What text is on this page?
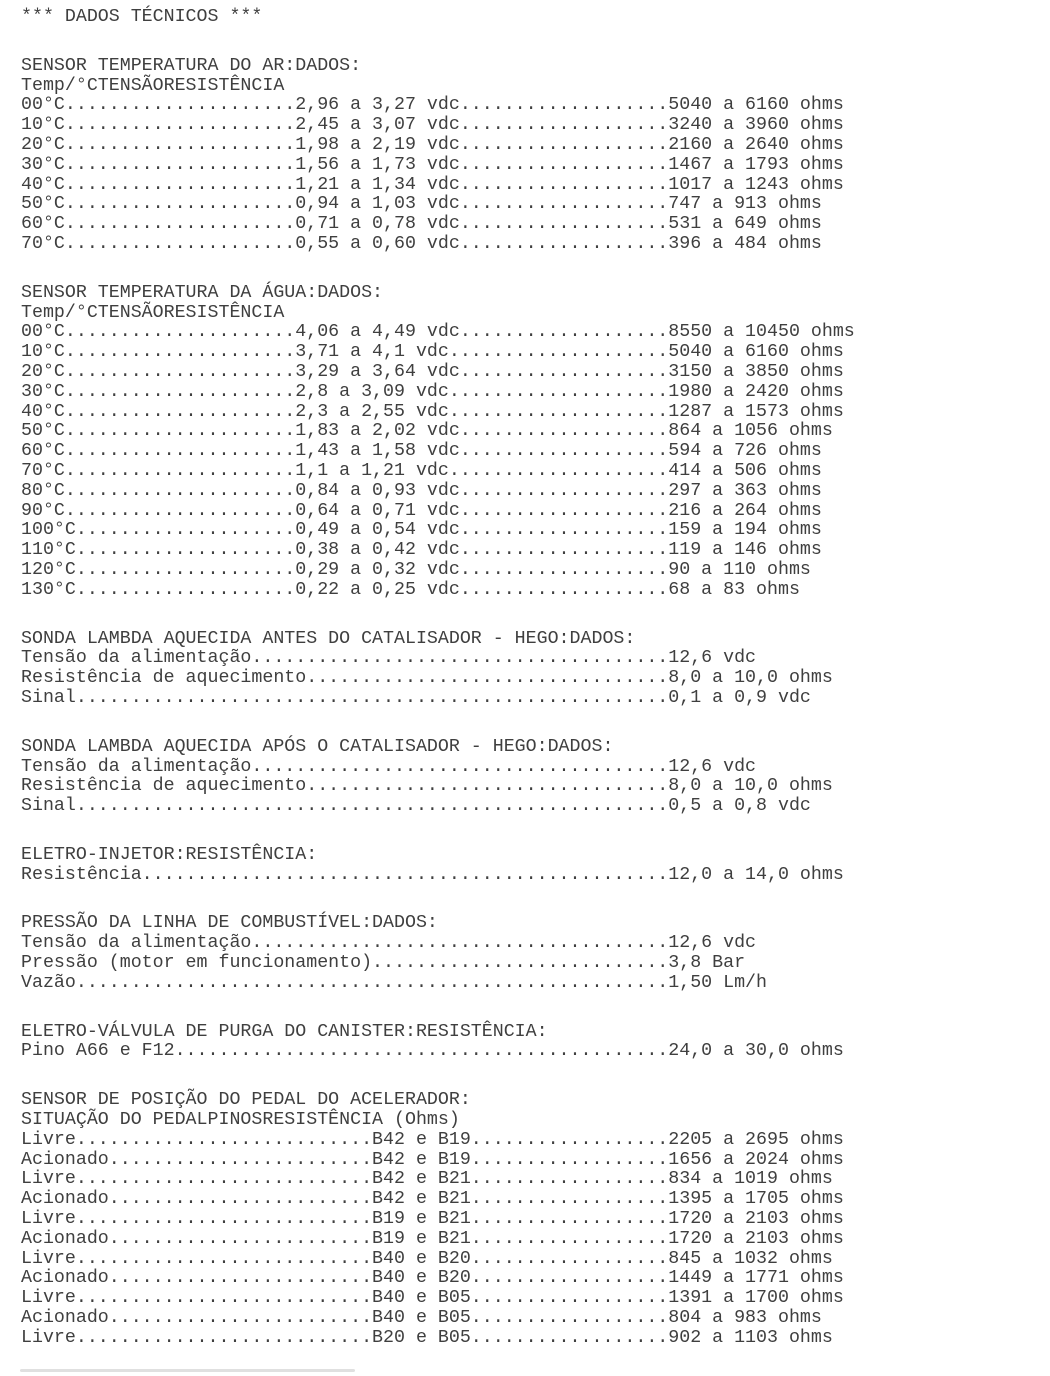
*** DADOS TÉCNICOS ***
SENSOR TEMPERATURA DO AR:DADOS:
Temp/°CTENSÃORESISTÊNCIA
00°C.....................2,96 a 3,27 vdc...................5040 a 6160 ohms
10°C.....................2,45 a 3,07 vdc...................3240 a 3960 ohms
20°C.....................1,98 a 2,19 vdc...................2160 a 2640 ohms
30°C.....................1,56 a 1,73 vdc...................1467 a 1793 ohms
40°C.....................1,21 a 1,34 vdc...................1017 a 1243 ohms
50°C.....................0,94 a 1,03 vdc...................747 a 913 ohms
60°C.....................0,71 a 0,78 vdc...................531 a 649 ohms
70°C.....................0,55 a 0,60 vdc...................396 a 484 ohms
SENSOR TEMPERATURA DA ÁGUA:DADOS:
Temp/°CTENSÃORESISTÊNCIA
00°C.....................4,06 a 4,49 vdc...................8550 a 10450 ohms
10°C.....................3,71 a 4,1 vdc....................5040 a 6160 ohms
20°C.....................3,29 a 3,64 vdc...................3150 a 3850 ohms
30°C.....................2,8 a 3,09 vdc....................1980 a 2420 ohms
40°C.....................2,3 a 2,55 vdc....................1287 a 1573 ohms
50°C.....................1,83 a 2,02 vdc...................864 a 1056 ohms
60°C.....................1,43 a 1,58 vdc...................594 a 726 ohms
70°C.....................1,1 a 1,21 vdc....................414 a 506 ohms
80°C.....................0,84 a 0,93 vdc...................297 a 363 ohms
90°C.....................0,64 a 0,71 vdc...................216 a 264 ohms
100°C....................0,49 a 0,54 vdc...................159 a 194 ohms
110°C....................0,38 a 0,42 vdc...................119 a 146 ohms
120°C....................0,29 a 0,32 vdc...................90 a 110 ohms
130°C....................0,22 a 0,25 vdc...................68 a 83 ohms
SONDA LAMBDA AQUECIDA ANTES DO CATALISADOR - HEGO:DADOS:
Tensão da alimentação......................................12,6 vdc
Resistência de aquecimento.................................8,0 a 10,0 ohms
Sinal......................................................0,1 a 0,9 vdc
SONDA LAMBDA AQUECIDA APÓS O CATALISADOR - HEGO:DADOS:
Tensão da alimentação......................................12,6 vdc
Resistência de aquecimento.................................8,0 a 10,0 ohms
Sinal......................................................0,5 a 0,8 vdc
ELETRO-INJETOR:RESISTÊNCIA:
Resistência................................................12,0 a 14,0 ohms
PRESSÃO DA LINHA DE COMBUSTÍVEL:DADOS:
Tensão da alimentação......................................12,6 vdc
Pressão (motor em funcionamento)...........................3,8 Bar
Vazão......................................................1,50 Lm/h
ELETRO-VÁLVULA DE PURGA DO CANISTER:RESISTÊNCIA:
Pino A66 e F12.............................................24,0 a 30,0 ohms
SENSOR DE POSIÇÃO DO PEDAL DO ACELERADOR:
SITUAÇÃO DO PEDALPINOSRESISTÊNCIA (Ohms)
Livre...........................B42 e B19..................2205 a 2695 ohms
Acionado........................B42 e B19..................1656 a 2024 ohms
Livre...........................B42 e B21..................834 a 1019 ohms
Acionado........................B42 e B21..................1395 a 1705 ohms
Livre...........................B19 e B21..................1720 a 2103 ohms
Acionado........................B19 e B21..................1720 a 2103 ohms
Livre...........................B40 e B20..................845 a 1032 ohms
Acionado........................B40 e B20..................1449 a 1771 ohms
Livre...........................B40 e B05..................1391 a 1700 ohms
Acionado........................B40 e B05..................804 a 983 ohms
Livre...........................B20 e B05..................902 a 1103 ohms
